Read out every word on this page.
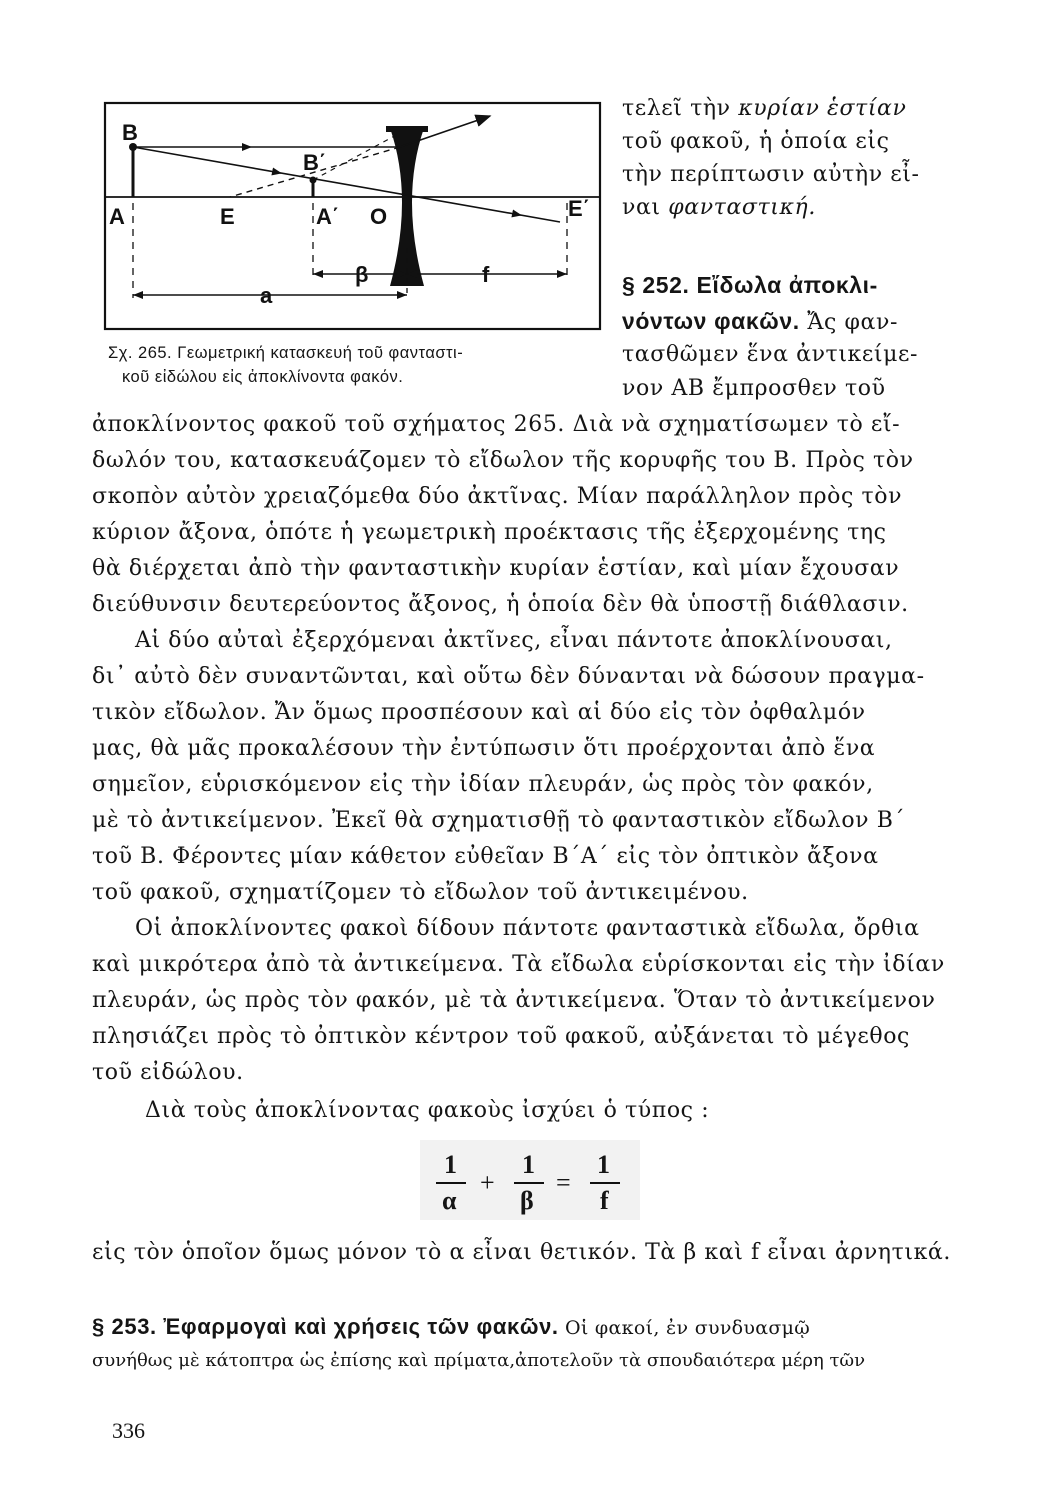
B
B΄
A	E	A΄ O	E΄
β	f
a
Σχ. 265. Γεωμετρική κατασκευή τοῦ φανταστι-
κοῦ εἰδώλου εἰς ἀποκλίνοντα φακόν.
τελεῖ τὴν κυρίαν ἑστίαν
τοῦ φακοῦ, ἡ ὁποία εἰς
τὴν περίπτωσιν αὐτὴν εἶ-
ναι φανταστική.
§ 252. Εἴδωλα ἀποκλι-
νόντων φακῶν. Ἄς φαν-
τασθῶμεν ἕνα ἀντικείμε-
νον ΑΒ ἔμπροσθεν τοῦ
ἀποκλίνοντος φακοῦ τοῦ σχήματος 265. Διὰ νὰ σχηματίσωμεν τὸ εἴ-
δωλόν του, κατασκευάζομεν τὸ εἴδωλον τῆς κορυφῆς του Β. Πρὸς τὸν
σκοπὸν αὐτὸν χρειαζόμεθα δύο ἀκτῖνας. Μίαν παράλληλον πρὸς τὸν
κύριον ἄξονα, ὁπότε ἡ γεωμετρικὴ προέκτασις τῆς ἐξερχομένης της
θὰ διέρχεται ἀπὸ τὴν φανταστικὴν κυρίαν ἑστίαν, καὶ μίαν ἔχουσαν
διεύθυνσιν δευτερεύοντος ἄξονος, ἡ ὁποία δὲν θὰ ὑποστῇ διάθλασιν.
Αἱ δύο αὐταὶ ἐξερχόμεναι ἀκτῖνες, εἶναι πάντοτε ἀποκλίνουσαι,
δι᾽ αὐτὸ δὲν συναντῶνται, καὶ οὕτω δὲν δύνανται νὰ δώσουν πραγμα-
τικὸν εἴδωλον. Ἄν ὅμως προσπέσουν καὶ αἱ δύο εἰς τὸν ὀφθαλμόν
μας, θὰ μᾶς προκαλέσουν τὴν ἐντύπωσιν ὅτι προέρχονται ἀπὸ ἕνα
σημεῖον, εὑρισκόμενον εἰς τὴν ἰδίαν πλευράν, ὡς πρὸς τὸν φακόν,
μὲ τὸ ἀντικείμενον. Ἐκεῖ θὰ σχηματισθῇ τὸ φανταστικὸν εἴδωλον Β΄
τοῦ Β. Φέροντες μίαν κάθετον εὐθεῖαν Β΄Α΄ εἰς τὸν ὀπτικὸν ἄξονα
τοῦ φακοῦ, σχηματίζομεν τὸ εἴδωλον τοῦ ἀντικειμένου.
Οἱ ἀποκλίνοντες φακοὶ δίδουν πάντοτε φανταστικὰ εἴδωλα, ὄρθια
καὶ μικρότερα ἀπὸ τὰ ἀντικείμενα. Τὰ εἴδωλα εὑρίσκονται εἰς τὴν ἰδίαν
πλευράν, ὡς πρὸς τὸν φακόν, μὲ τὰ ἀντικείμενα. Ὅταν τὸ ἀντικείμενον
πλησιάζει πρὸς τὸ ὀπτικὸν κέντρον τοῦ φακοῦ, αὐξάνεται τὸ μέγεθος
τοῦ εἰδώλου.
Διὰ τοὺς ἀποκλίνοντας φακοὺς ἰσχύει ὁ τύπος :
1
α
+
1
β
=
1
f
εἰς τὸν ὁποῖον ὅμως μόνον τὸ α εἶναι θετικόν. Τὰ β καὶ f εἶναι ἀρνητικά.
§ 253. Ἐφαρμογαὶ καὶ χρήσεις τῶν φακῶν. Οἱ φακοί, ἐν συνδυασμῷ
συνήθως μὲ κάτοπτρα ὡς ἐπίσης καὶ πρίματα,ἀποτελοῦν τὰ σπουδαιότερα μέρη τῶν
336
